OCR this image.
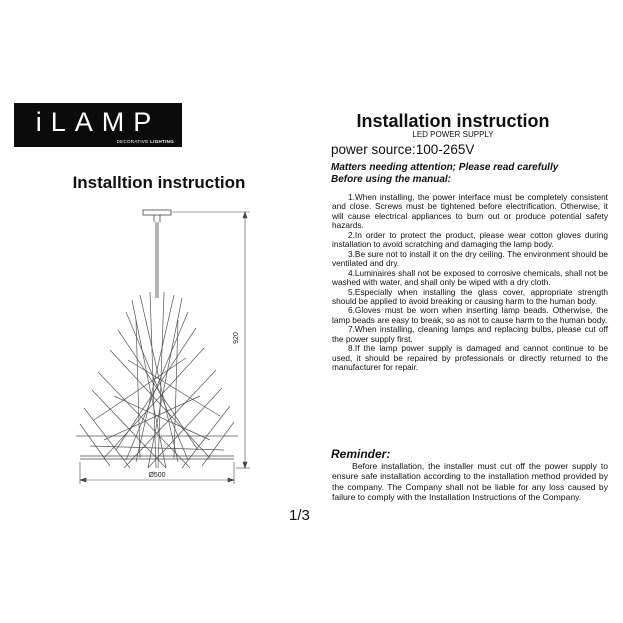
iLAMP
DECORATIVE LIGHTING
Installtion instruction
920
Ø500
1/3
Installation instruction
LED POWER SUPPLY
power source:100-265V
Matters needing attention; Please read carefully
Before using the manual:

1.When installing, the power interface must be completely consistent and close. Screws must be tightened before electrification. Otherwise, it will cause electrical appliances to burn out or produce potential safety hazards.

2.In order to protect the product, please wear cotton gloves during installation to avoid scratching and damaging the lamp body.

3.Be sure not to install it on the dry ceiling. The environment should be ventilated and dry.

4.Luminaires shall not be exposed to corrosive chemicals, shall not be washed with water, and shall only be wiped with a dry cloth.

5.Especially when installing the glass cover, appropriate strength should be applied to avoid breaking or causing harm to the human body.

6.Gloves must be worn when inserting lamp beads. Otherwise, the lamp beads are easy to break, so as not to cause harm to the human body.

7.When installing, cleaning lamps and replacing bulbs, please cut off the power supply first.

8.If the lamp power supply is damaged and cannot continue to be used, it should be repaired by professionals or directly returned to the manufacturer for repair.

Reminder:

Before installation, the installer must cut off the power supply to ensure safe installation according to the installation method provided by the company. The Company shall not be liable for any loss caused by failure to comply with the Installation Instructions of the Company.
